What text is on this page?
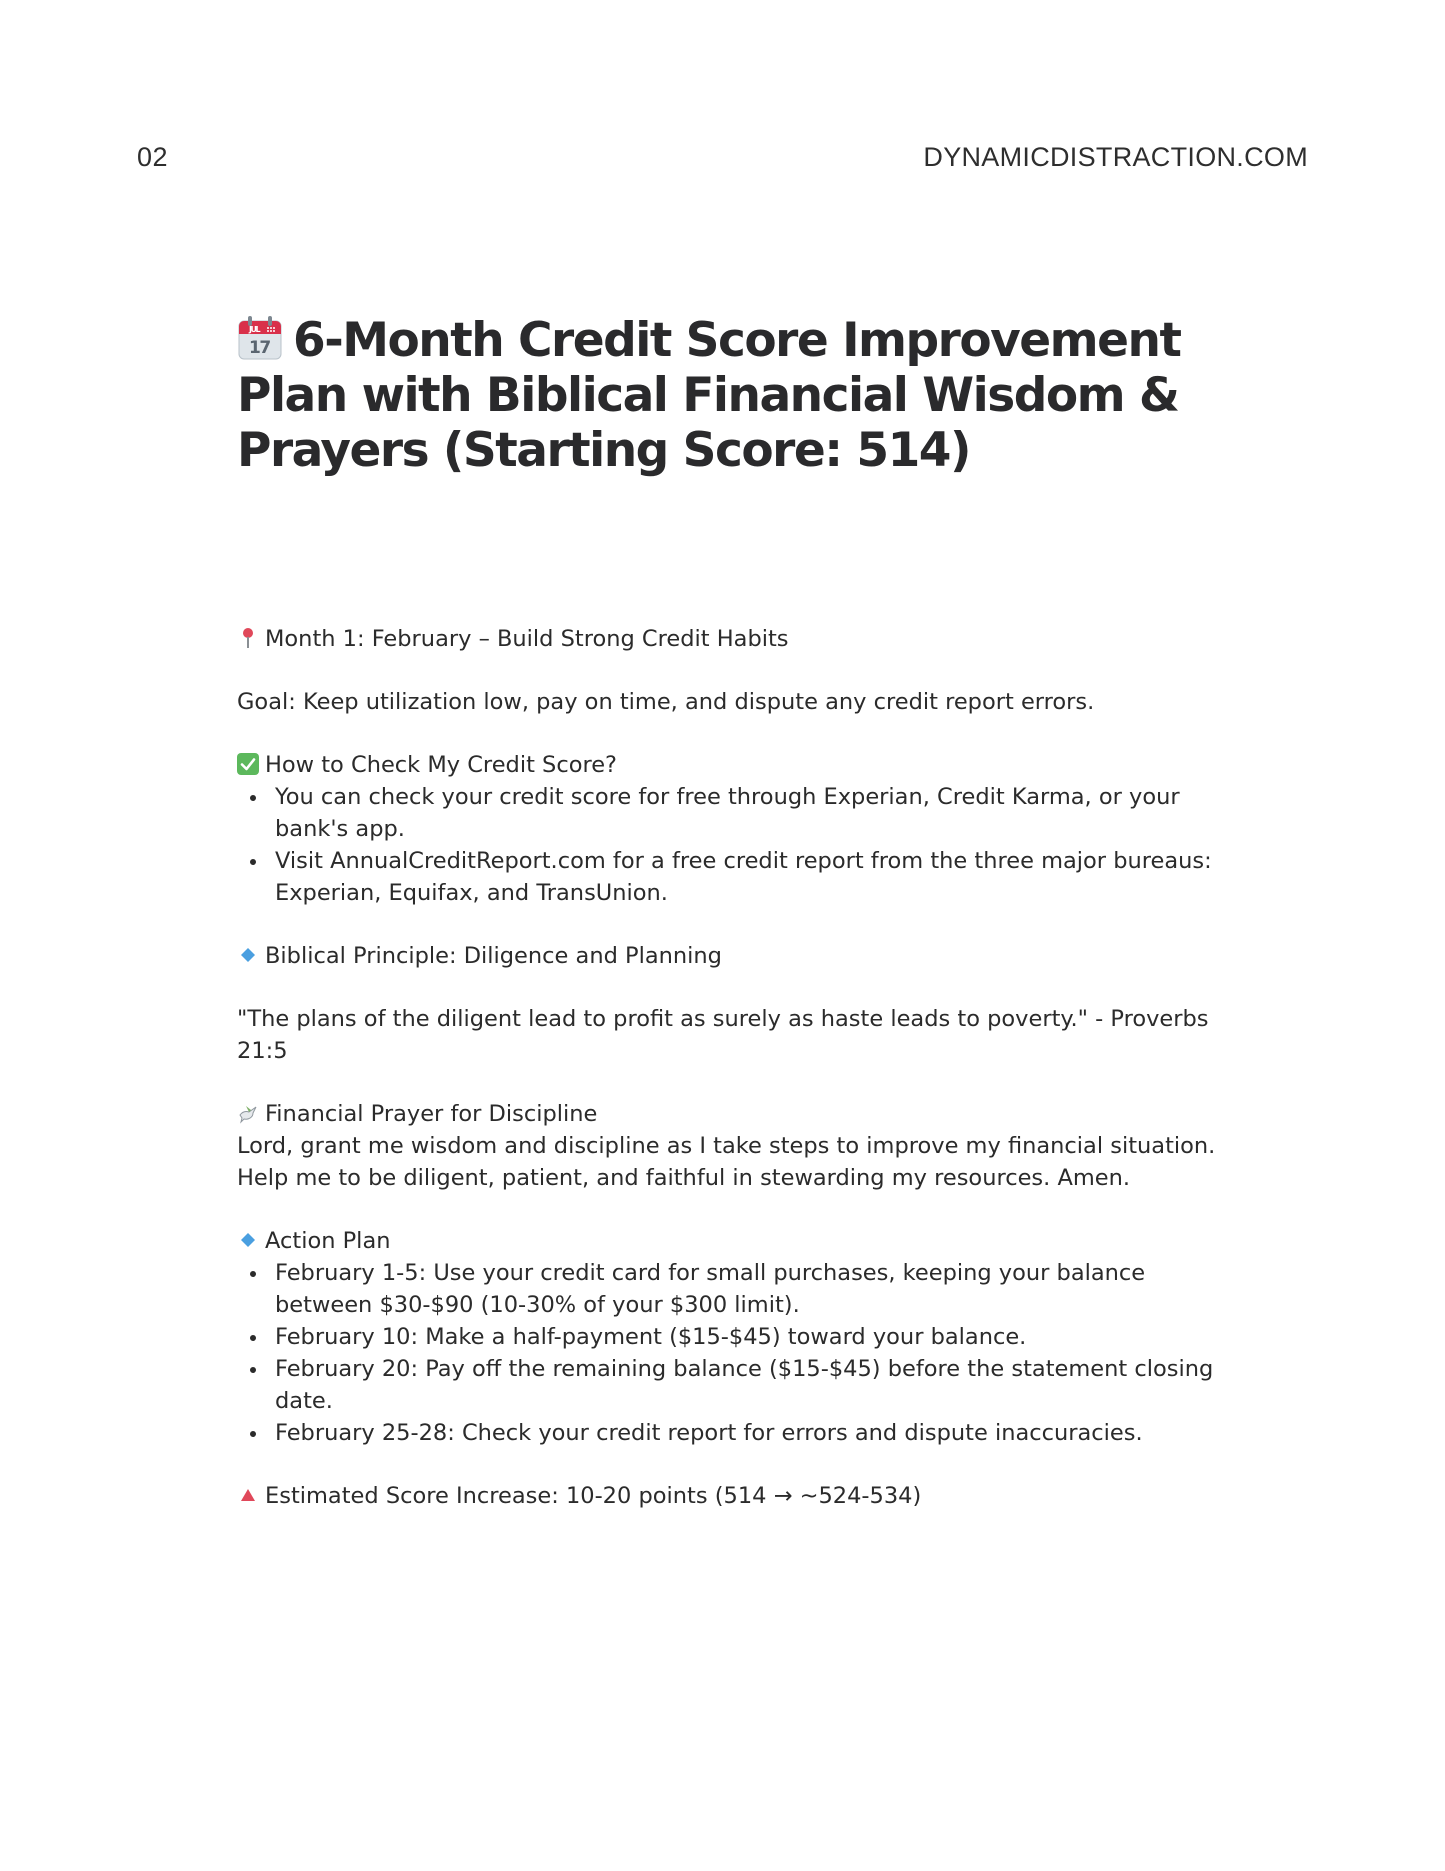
02	DYNAMICDISTRACTION.COM
JUL
17 6-Month Credit Score Improvement Plan with Biblical Financial Wisdom & Prayers (Starting Score: 514)

Month 1: February – Build Strong Credit Habits

Goal: Keep utilization low, pay on time, and dispute any credit report errors.

How to Check My Credit Score?

You can check your credit score for free through Experian, Credit Karma, or your bank's app.
Visit AnnualCreditReport.com for a free credit report from the three major bureaus: Experian, Equifax, and TransUnion.

Biblical Principle: Diligence and Planning

"The plans of the diligent lead to profit as surely as haste leads to poverty." - Proverbs 21:5

Financial Prayer for Discipline

Lord, grant me wisdom and discipline as I take steps to improve my financial situation. Help me to be diligent, patient, and faithful in stewarding my resources. Amen.

Action Plan

February 1-5: Use your credit card for small purchases, keeping your balance between $30-$90 (10-30% of your $300 limit).
February 10: Make a half-payment ($15-$45) toward your balance.
February 20: Pay off the remaining balance ($15-$45) before the statement closing date.
February 25-28: Check your credit report for errors and dispute inaccuracies.

Estimated Score Increase: 10-20 points (514 → ~524-534)
